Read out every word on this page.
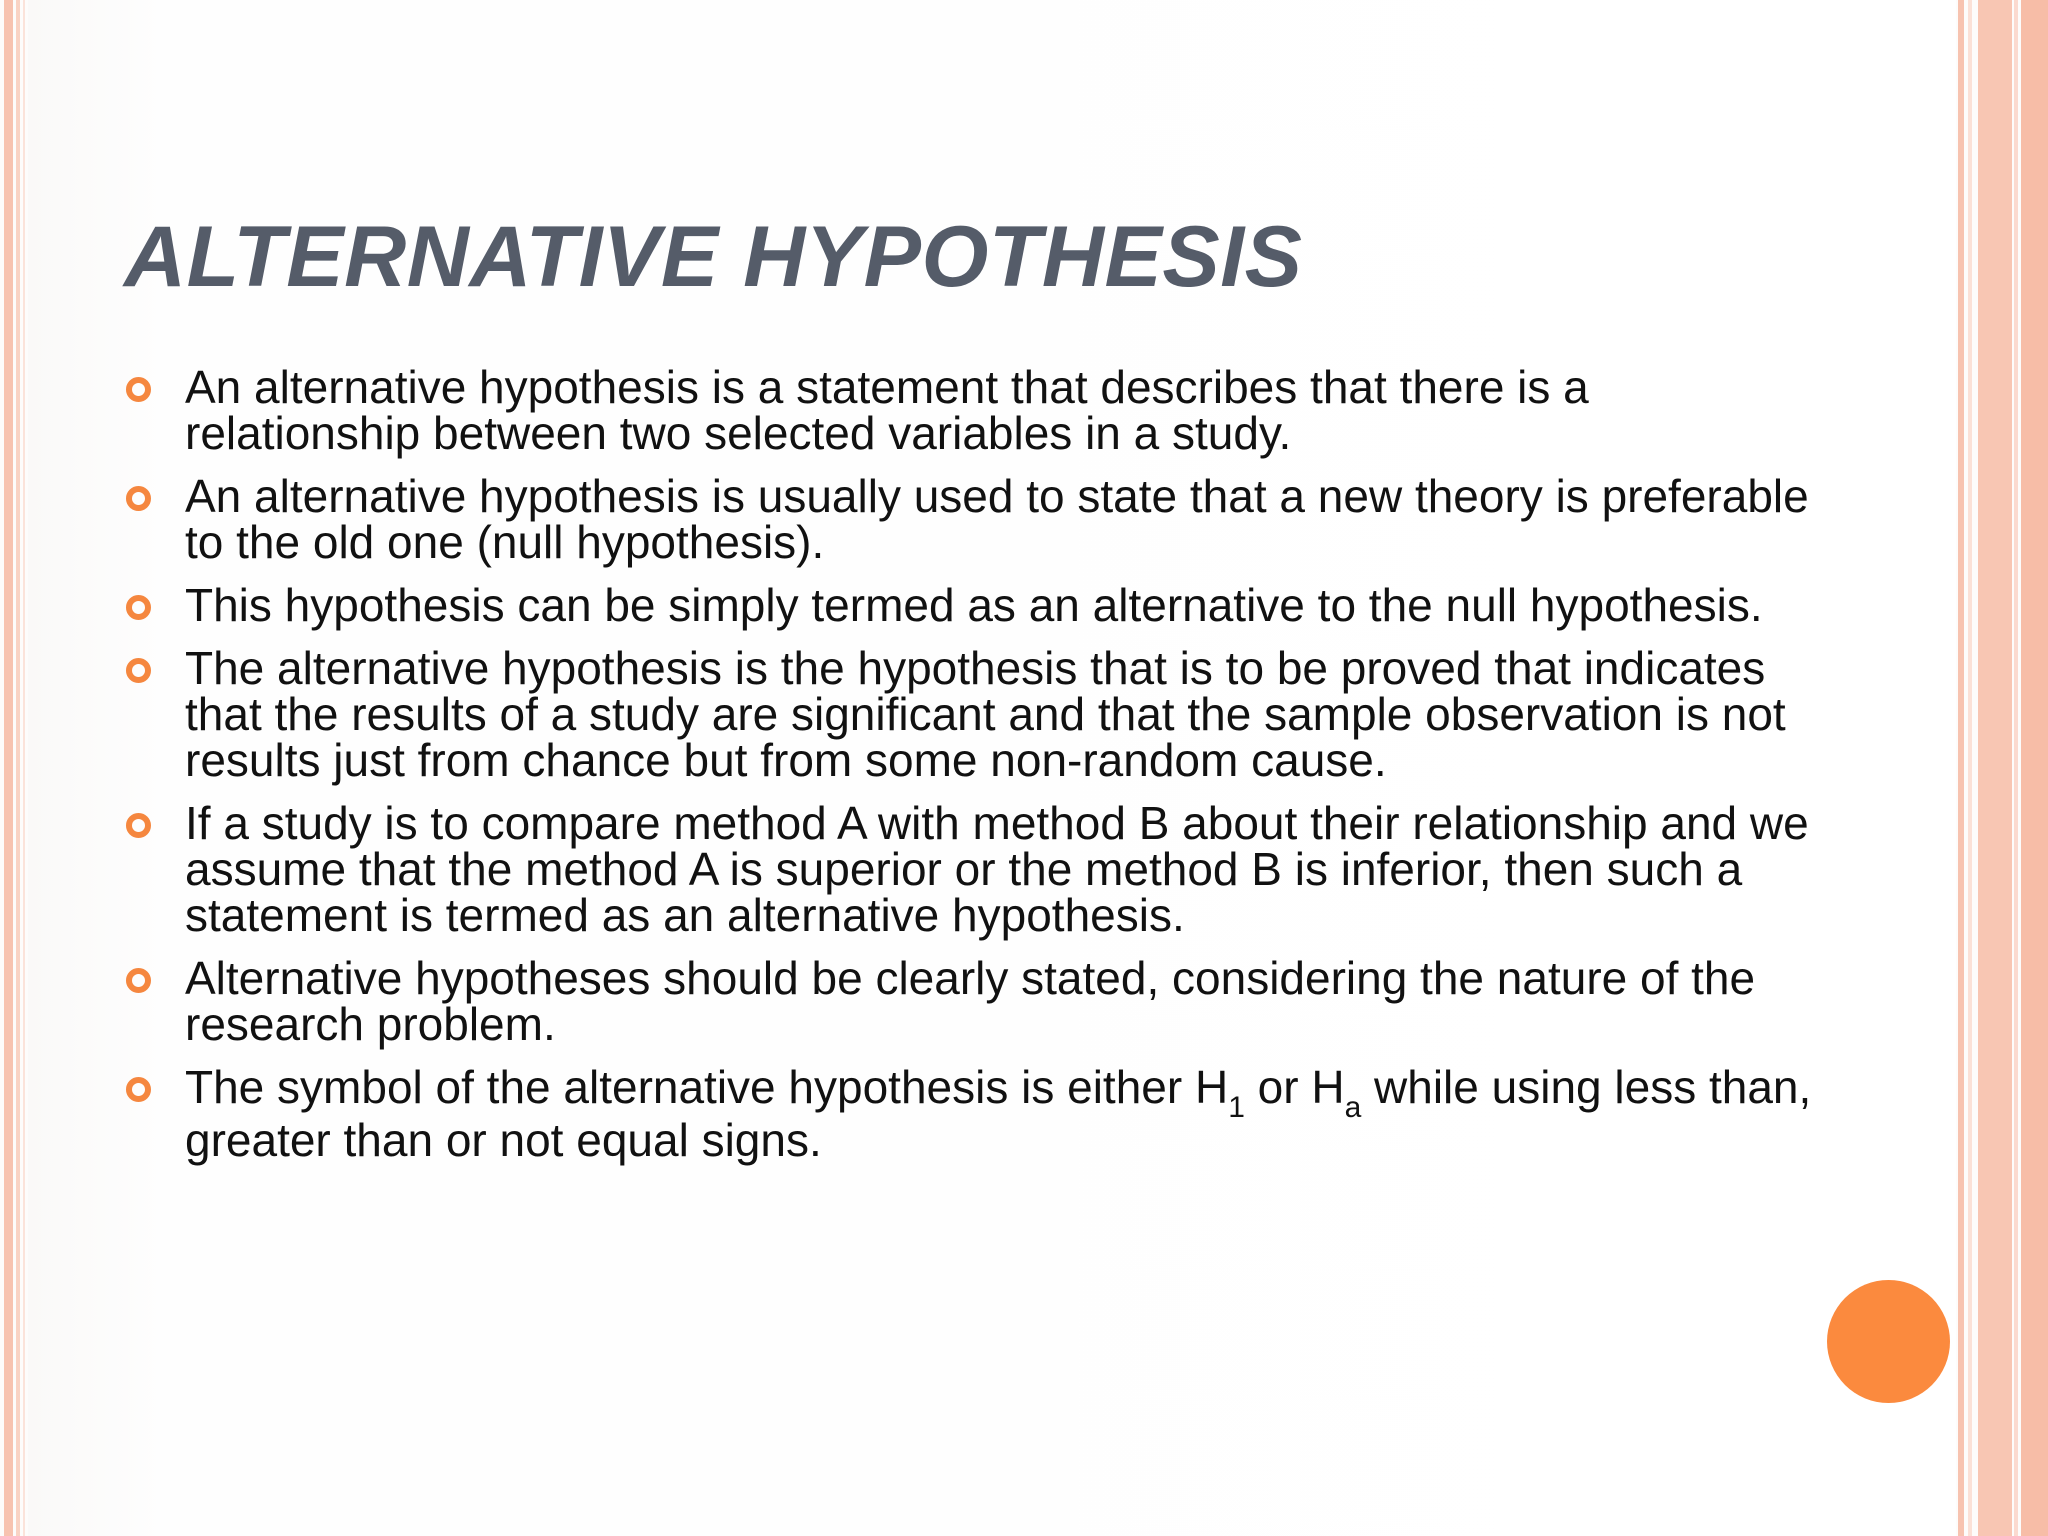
ALTERNATIVE HYPOTHESIS
An alternative hypothesis is a statement that describes that there is a relationship between two selected variables in a study.
An alternative hypothesis is usually used to state that a new theory is preferable to the old one (null hypothesis).
This hypothesis can be simply termed as an alternative to the null hypothesis.
The alternative hypothesis is the hypothesis that is to be proved that indicates that the results of a study are significant and that the sample observation is not results just from chance but from some non-random cause.
If a study is to compare method A with method B about their relationship and we assume that the method A is superior or the method B is inferior, then such a statement is termed as an alternative hypothesis.
Alternative hypotheses should be clearly stated, considering the nature of the research problem.
The symbol of the alternative hypothesis is either $H_1$ or $H_a$ while using less than, greater than or not equal signs.
